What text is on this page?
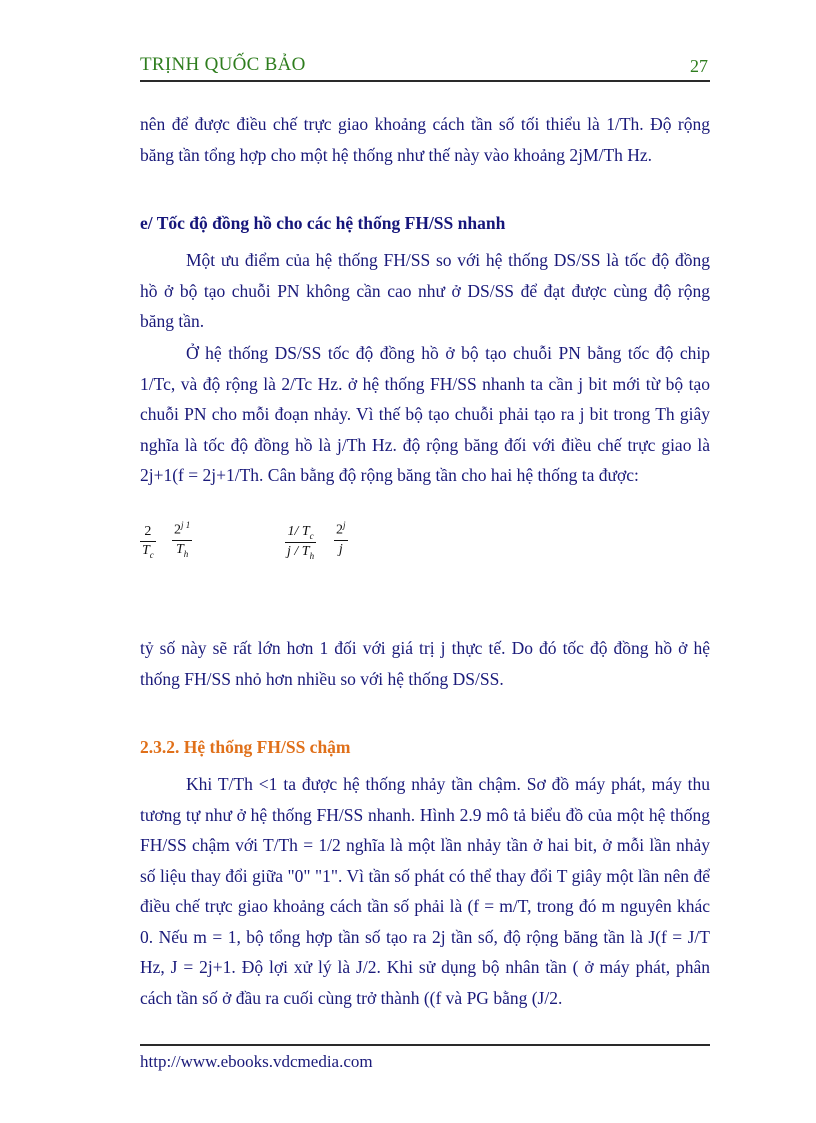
TRỊNH QUỐC BẢO	27

nên để được điều chế trực giao khoảng cách tần số tối thiểu là 1/Th. Độ rộng băng tần tổng hợp cho một hệ thống như thế này vào khoảng 2jM/Th Hz.

e/ Tốc độ đồng hồ cho các hệ thống FH/SS nhanh

Một ưu điểm của hệ thống FH/SS so với hệ thống DS/SS là tốc độ đồng hồ ở bộ tạo chuỗi PN không cần cao như ở DS/SS để đạt được cùng độ rộng băng tần.

Ở hệ thống DS/SS tốc độ đồng hồ ở bộ tạo chuỗi PN bằng tốc độ chip 1/Tc, và độ rộng là 2/Tc Hz. ở hệ thống FH/SS nhanh ta cần j bit mới từ bộ tạo chuỗi PN cho mỗi đoạn nhảy. Vì thế bộ tạo chuỗi phải tạo ra j bit trong Th giây nghĩa là tốc độ đồng hồ là j/Th Hz. độ rộng băng đối với điều chế trực giao là 2j+1(f = 2j+1/Th. Cân bằng độ rộng băng tần cho hai hệ thống ta được:

2
$T_c$
$2^{j 1}$
$T_h$
1/ $T_c$
j / $T_h$
2$^j$
j

tỷ số này sẽ rất lớn hơn 1 đối với giá trị j thực tế. Do đó tốc độ đồng hồ ở hệ thống FH/SS nhỏ hơn nhiều so với hệ thống DS/SS.

2.3.2. Hệ thống FH/SS chậm

Khi T/Th <1 ta được hệ thống nhảy tần chậm. Sơ đồ máy phát, máy thu tương tự như ở hệ thống FH/SS nhanh. Hình 2.9 mô tả biểu đồ của một hệ thống FH/SS chậm với T/Th = 1/2 nghĩa là một lần nhảy tần ở hai bit, ở mỗi lần nhảy số liệu thay đổi giữa "0" "1". Vì tần số phát có thể thay đổi T giây một lần nên để điều chế trực giao khoảng cách tần số phải là (f = m/T, trong đó m nguyên khác 0. Nếu m = 1, bộ tổng hợp tần số tạo ra 2j tần số, độ rộng băng tần là J(f = J/T Hz, J = 2j+1. Độ lợi xử lý là J/2. Khi sử dụng bộ nhân tần ( ở máy phát, phân cách tần số ở đầu ra cuối cùng trở thành ((f và PG bằng (J/2.

http://www.ebooks.vdcmedia.com
